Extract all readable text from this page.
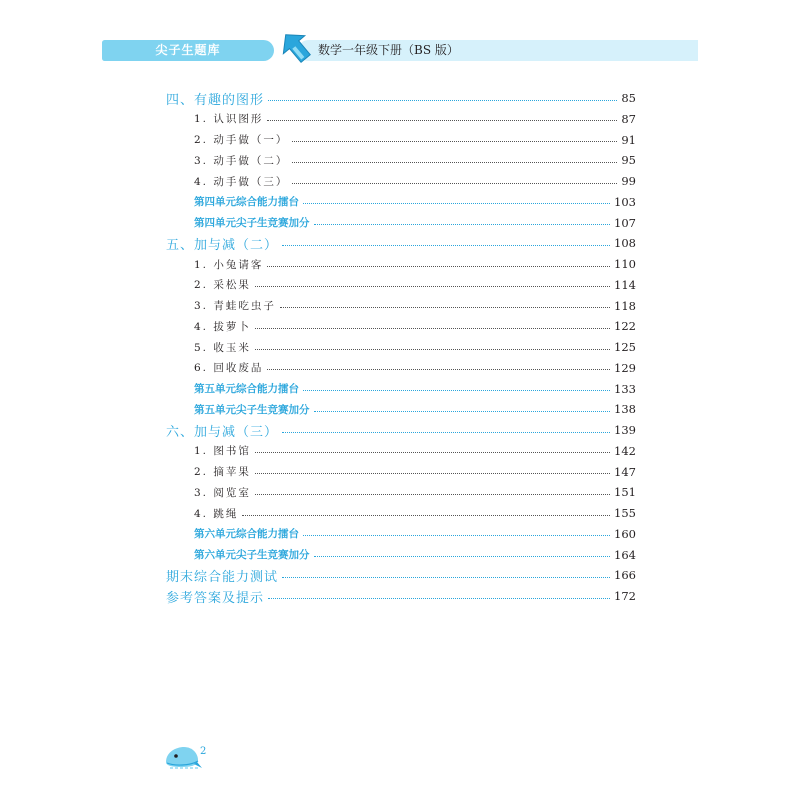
尖子生题库	数学一年级下册（BS 版）
四、有趣的图形	85
1. 认识图形	87
2. 动手做（一）	91
3. 动手做（二）	95
4. 动手做（三）	99
第四单元综合能力擂台	103
第四单元尖子生竞赛加分	107
五、加与减（二）	108
1. 小兔请客	110
2. 采松果	114
3. 青蛙吃虫子	118
4. 拔萝卜	122
5. 收玉米	125
6. 回收废品	129
第五单元综合能力擂台	133
第五单元尖子生竞赛加分	138
六、加与减（三）	139
1. 图书馆	142
2. 摘苹果	147
3. 阅览室	151
4. 跳绳	155
第六单元综合能力擂台	160
第六单元尖子生竞赛加分	164
期末综合能力测试	166
参考答案及提示	172
2
